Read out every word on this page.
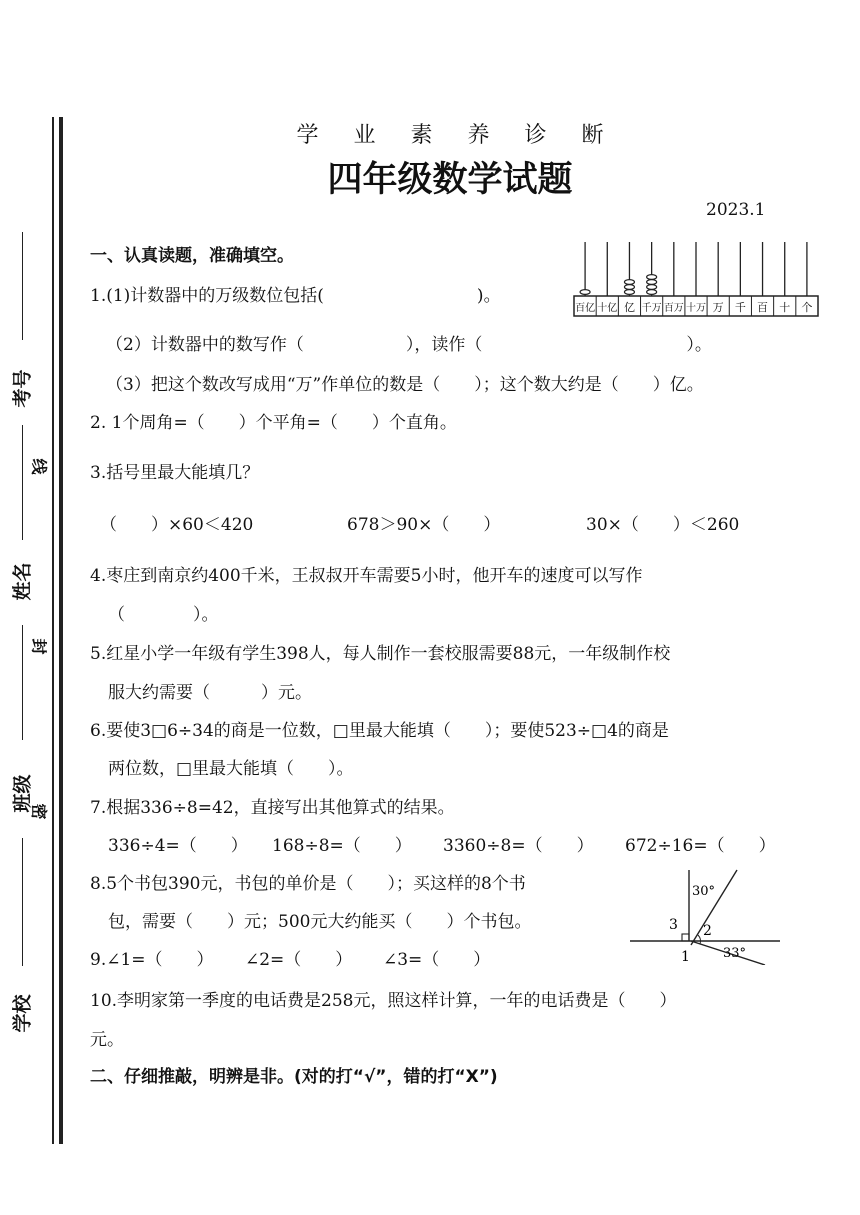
考号
姓名
班级
学校
线
封
密
学 业 素 养 诊 断
四年级数学试题
2023.1
百亿 十亿 亿 千万 百万 十万 万 千 百 十 个
一、认真读题，准确填空。
1.(1)计数器中的万级数位包括(　　　　　　　　　)。
（2）计数器中的数写作（　　　　　　），读作（　　　　　　　　　　　　）。
（3）把这个数改写成用“万”作单位的数是（　　）；这个数大约是（　　）亿。
2. 1个周角=（　　）个平角=（　　）个直角。
3.括号里最大能填几？
（　　）×60＜420	678＞90×（　　）	30×（　　）＜260
4.枣庄到南京约400千米，王叔叔开车需要5小时，他开车的速度可以写作
（　　　　）。
5.红星小学一年级有学生398人，每人制作一套校服需要88元，一年级制作校
服大约需要（　　　）元。
6.要使3□6÷34的商是一位数，□里最大能填（　　）；要使523÷□4的商是
两位数，□里最大能填（　　）。
7.根据336÷8=42，直接写出其他算式的结果。
336÷4=（　　） 168÷8=（　　） 3360÷8=（　　） 672÷16=（　　）
8.5个书包390元，书包的单价是（　　）；买这样的8个书
包，需要（　　）元；500元大约能买（　　）个书包。
9.∠1=（　　） ∠2=（　　） ∠3=（　　）
10.李明家第一季度的电话费是258元，照这样计算，一年的电话费是（　　）
元。
30°
3 2
1	33°
二、仔细推敲，明辨是非。(对的打“√”，错的打“X”)
